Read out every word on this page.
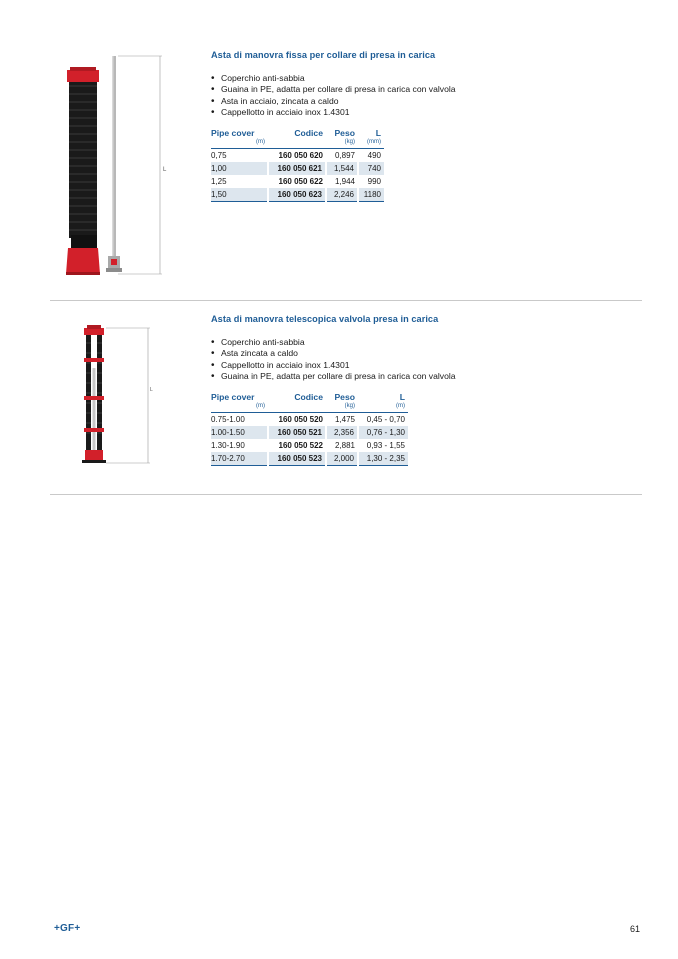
L
Asta di manovra fissa per collare di presa in carica
• Coperchio anti-sabbia
• Guaina in PE, adatta per collare di presa in carica con valvola
• Asta in acciaio, zincata a caldo
• Cappellotto in acciaio inox 1.4301
Pipe cover	Codice	Peso	L
(m)		(kg)	(mm)
0,75	160 050 620	0,897	490
1,00	160 050 621	1,544	740
1,25	160 050 622	1,944	990
1,50	160 050 623	2,246	1180
L
Asta di manovra telescopica valvola presa in carica
• Coperchio anti-sabbia
• Asta zincata a caldo
• Cappellotto in acciaio inox 1.4301
• Guaina in PE, adatta per collare di presa in carica con valvola
Pipe cover	Codice	Peso	L
(m)		(kg)	(m)
0.75-1.00	160 050 520	1,475	0,45 - 0,70
1.00-1.50	160 050 521	2,356	0,76 - 1,30
1.30-1.90	160 050 522	2,881	0,93 - 1,55
1.70-2.70	160 050 523	2,000	1,30 - 2,35
+GF+	61
